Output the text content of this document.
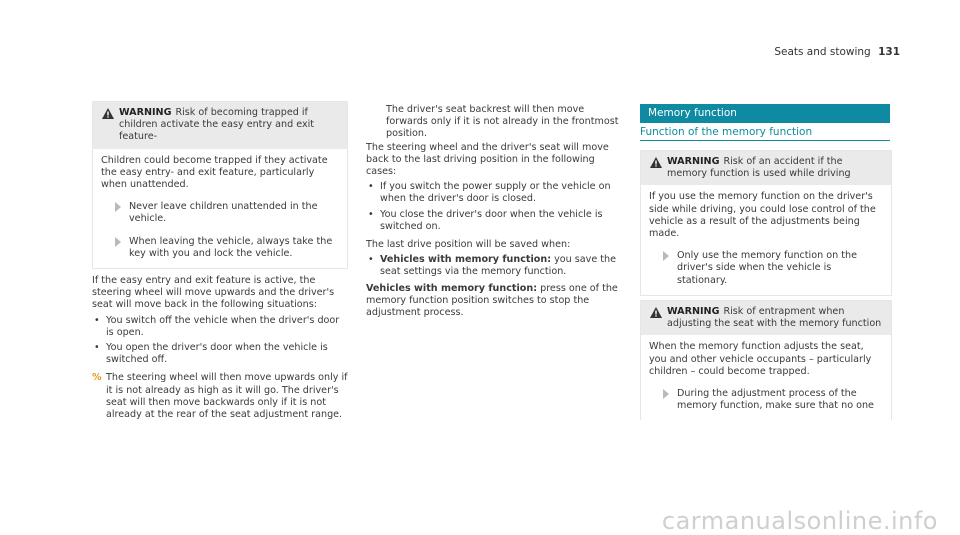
Seats and stowing 131
WARNING Risk of becoming trapped if children activate the easy entry and exit feature-

Children could become trapped if they activate the easy entry- and exit feature, particularly when unattended.

Never leave children unattended in the vehicle.
When leaving the vehicle, always take the key with you and lock the vehicle.

If the easy entry and exit feature is active, the steering wheel will move upwards and the driver's seat will move back in the following situations:

• You switch off the vehicle when the driver's door is open.
• You open the driver's door when the vehicle is switched off.
% The steering wheel will then move upwards only if it is not already as high as it will go. The driver's seat will then move backwards only if it is not already at the rear of the seat adjustment range.

The driver's seat backrest will then move forwards only if it is not already in the frontmost position.

The steering wheel and the driver's seat will move back to the last driving position in the following cases:

• If you switch the power supply or the vehicle on when the driver's door is closed.
• You close the driver's door when the vehicle is switched on.

The last drive position will be saved when:

• Vehicles with memory function: you save the seat settings via the memory function.

Vehicles with memory function: press one of the memory function position switches to stop the adjustment process.

Memory function
Function of the memory function
WARNING Risk of an accident if the memory function is used while driving

If you use the memory function on the driver's side while driving, you could lose control of the vehicle as a result of the adjustments being made.

Only use the memory function on the driver's side when the vehicle is stationary.
WARNING Risk of entrapment when adjusting the seat with the memory function

When the memory function adjusts the seat, you and other vehicle occupants – particularly children – could become trapped.

During the adjustment process of the memory function, make sure that no one
carmanualsonline.info
